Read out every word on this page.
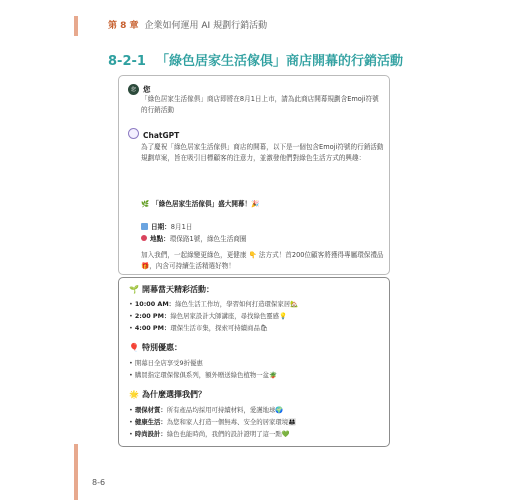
第 8 章 企業如何運用 AI 規劃行銷活動
8-2-1 「綠色居家生活傢俱」商店開幕的行銷活動
您 您
「綠色居家生活傢俱」商店即將在8月1日上市，請為此商店開幕規劃含Emoji符號的行銷活動
ChatGPT
為了慶祝「綠色居家生活傢俱」商店的開幕，以下是一個包含Emoji符號的行銷活動規劃草案，旨在吸引目標顧客的注意力，並激發他們對綠色生活方式的興趣：
🌿 「綠色居家生活傢俱」盛大開幕！🎉
日期：8月1日
地點：環保路1號，綠色生活商圈
加入我們，一起綠變更綠色，更健康 👇 法方式！首200位顧客將獲得專屬環保禮品 🎁，內含可持續生活精選好物！
🌱 開幕當天精彩活動：
• 10:00 AM：綠色生活工作坊，學習如何打造環保家居🏡
• 2:00 PM：綠色居家設計大師講座，尋找綠色靈感💡
• 4:00 PM：環保生活市集，探索可持續商品🛍
🎈 特別優惠：
• 開幕日全店享受9折優惠
• 購買指定環保傢俱系列，額外贈送綠色植物一盆🪴
🌟 為什麼選擇我們？
• 環保材質：所有產品均採用可持續材料，愛護地球🌍
• 健康生活：為您和家人打造一個無毒、安全的居家環境👨‍👩‍👧
• 時尚設計：綠色也能時尚，我們的設計證明了這一點💚
8-6
